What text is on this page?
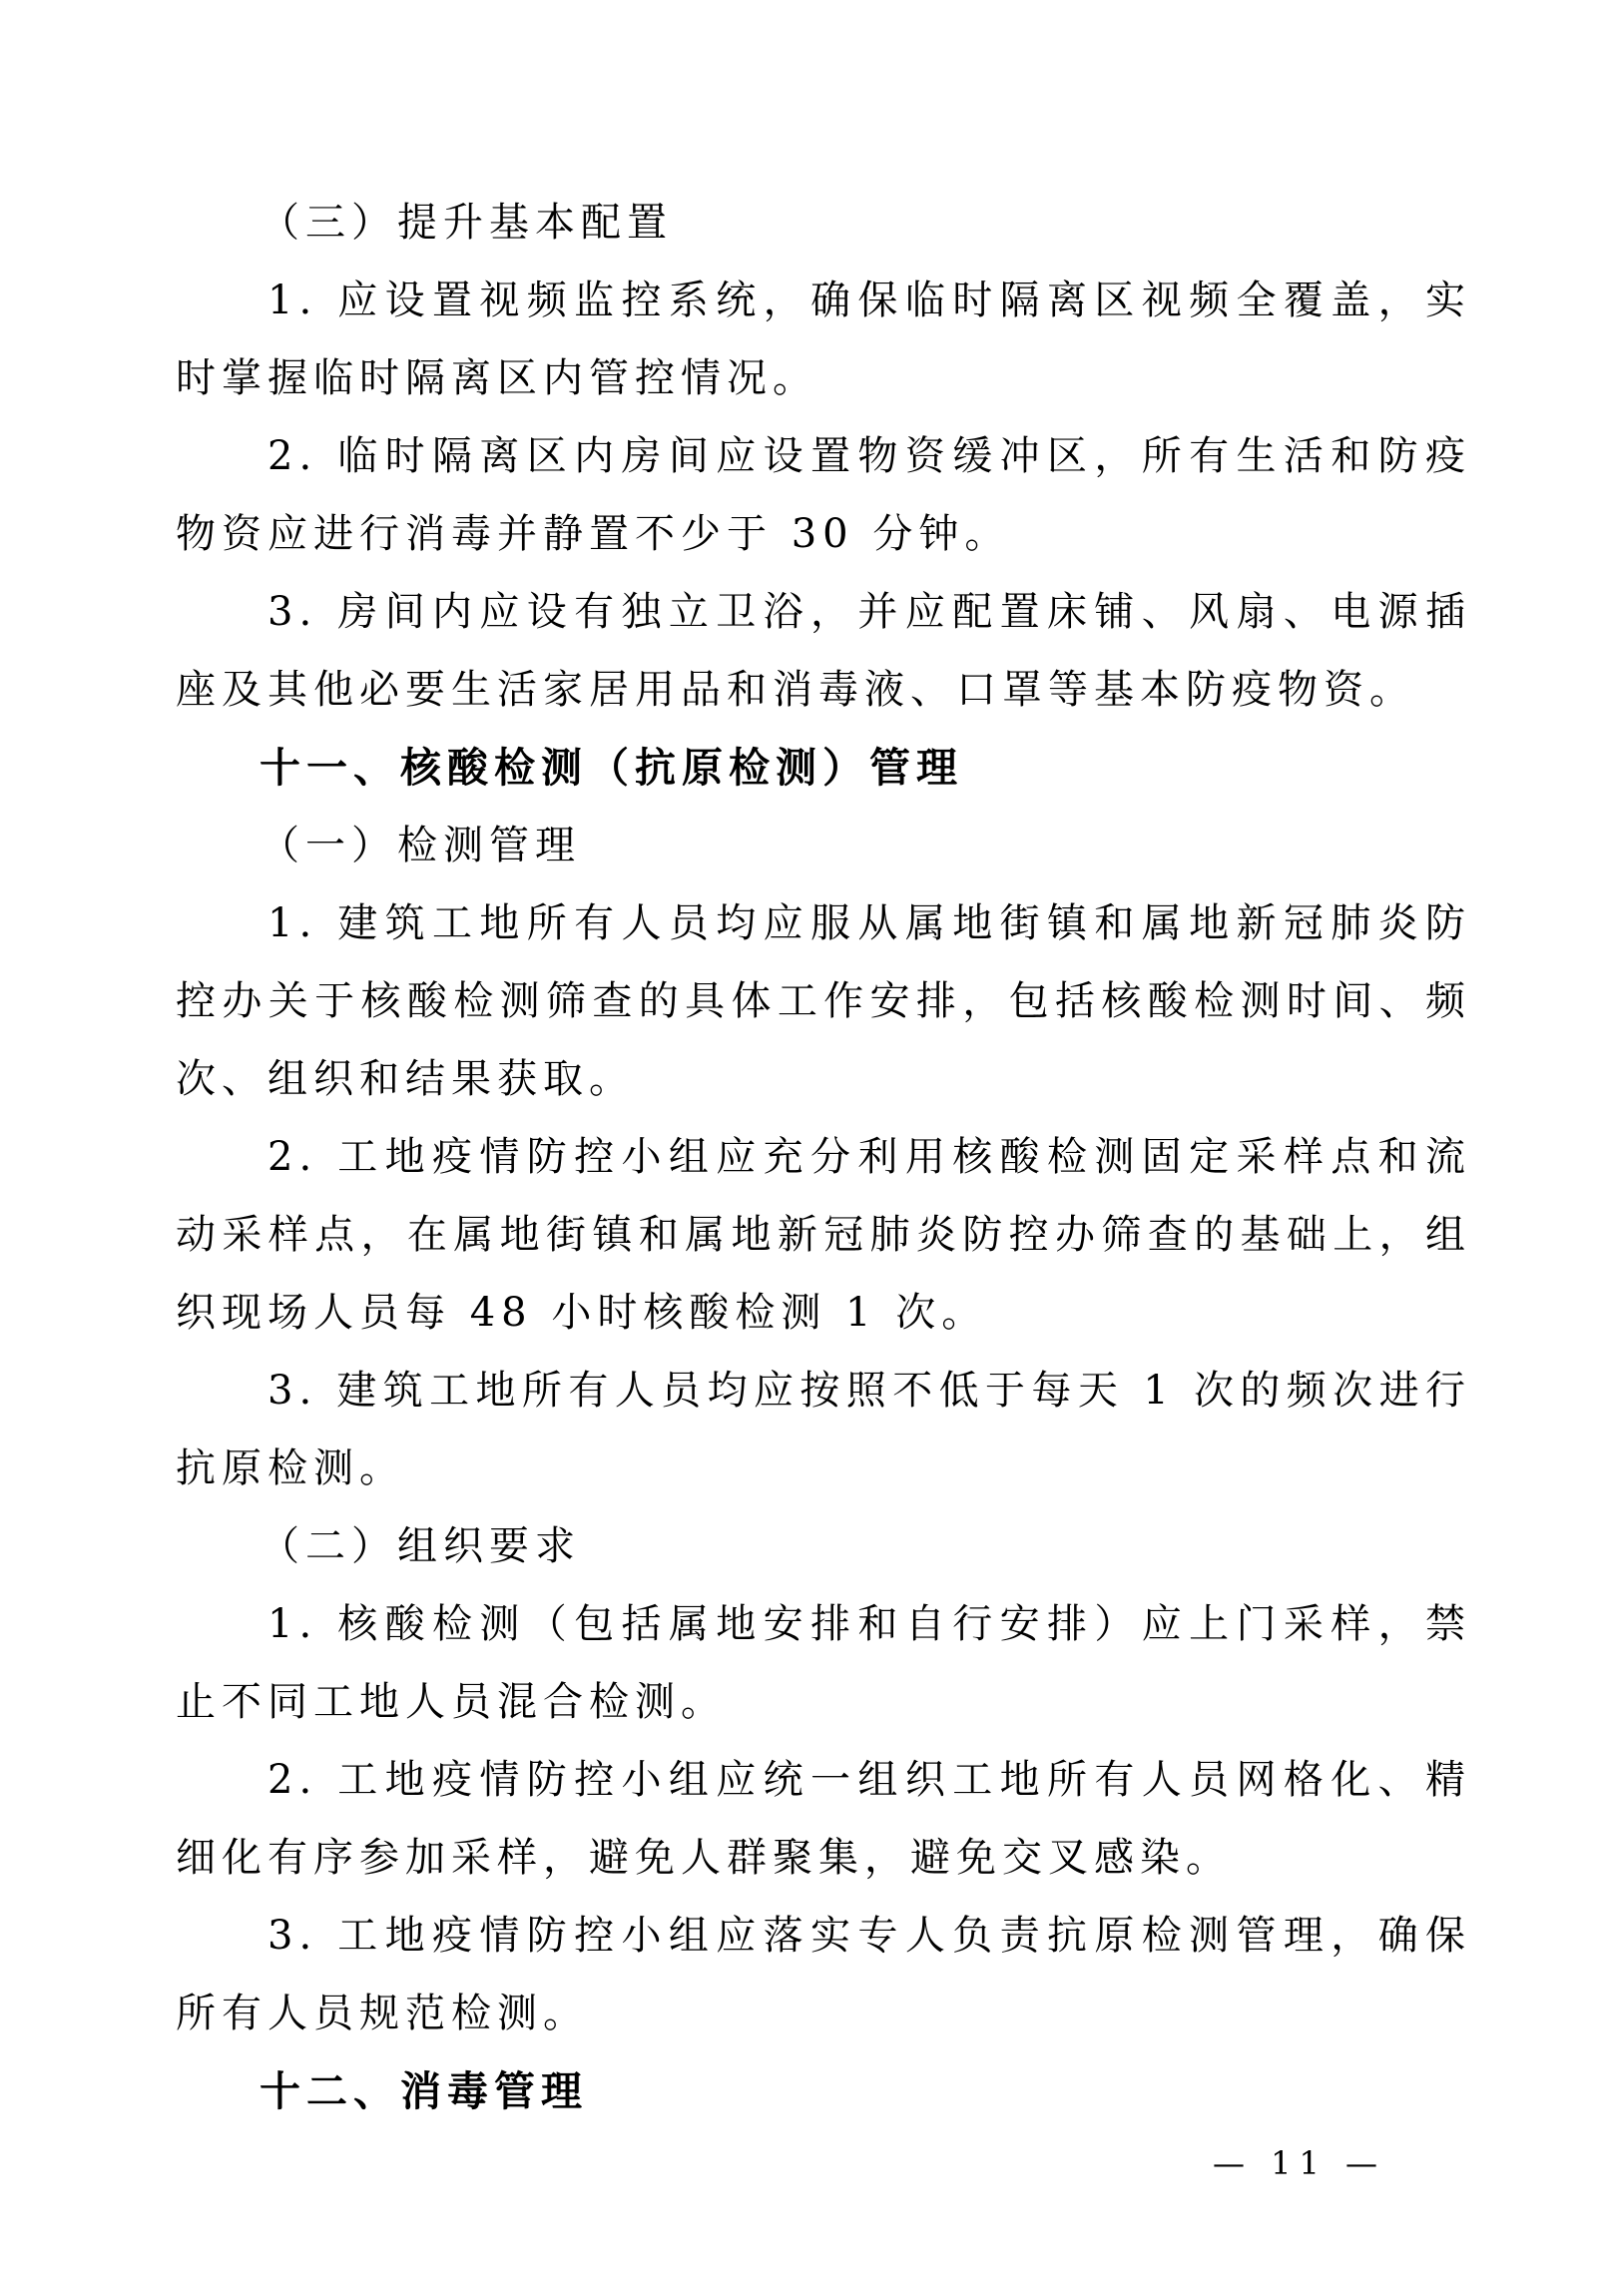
（三）提升基本配置

1. 应设置视频监控系统，确保临时隔离区视频全覆盖，实时掌握临时隔离区内管控情况。

2. 临时隔离区内房间应设置物资缓冲区，所有生活和防疫物资应进行消毒并静置不少于 30 分钟。

3. 房间内应设有独立卫浴，并应配置床铺、风扇、电源插座及其他必要生活家居用品和消毒液、口罩等基本防疫物资。

十一、核酸检测（抗原检测）管理

（一）检测管理

1. 建筑工地所有人员均应服从属地街镇和属地新冠肺炎防控办关于核酸检测筛查的具体工作安排，包括核酸检测时间、频次、组织和结果获取。

2. 工地疫情防控小组应充分利用核酸检测固定采样点和流动采样点，在属地街镇和属地新冠肺炎防控办筛查的基础上，组织现场人员每 48 小时核酸检测 1 次。

3. 建筑工地所有人员均应按照不低于每天 1 次的频次进行抗原检测。

（二）组织要求

1. 核酸检测（包括属地安排和自行安排）应上门采样，禁止不同工地人员混合检测。

2. 工地疫情防控小组应统一组织工地所有人员网格化、精细化有序参加采样，避免人群聚集，避免交叉感染。

3. 工地疫情防控小组应落实专人负责抗原检测管理，确保所有人员规范检测。

十二、消毒管理

— 11 —
